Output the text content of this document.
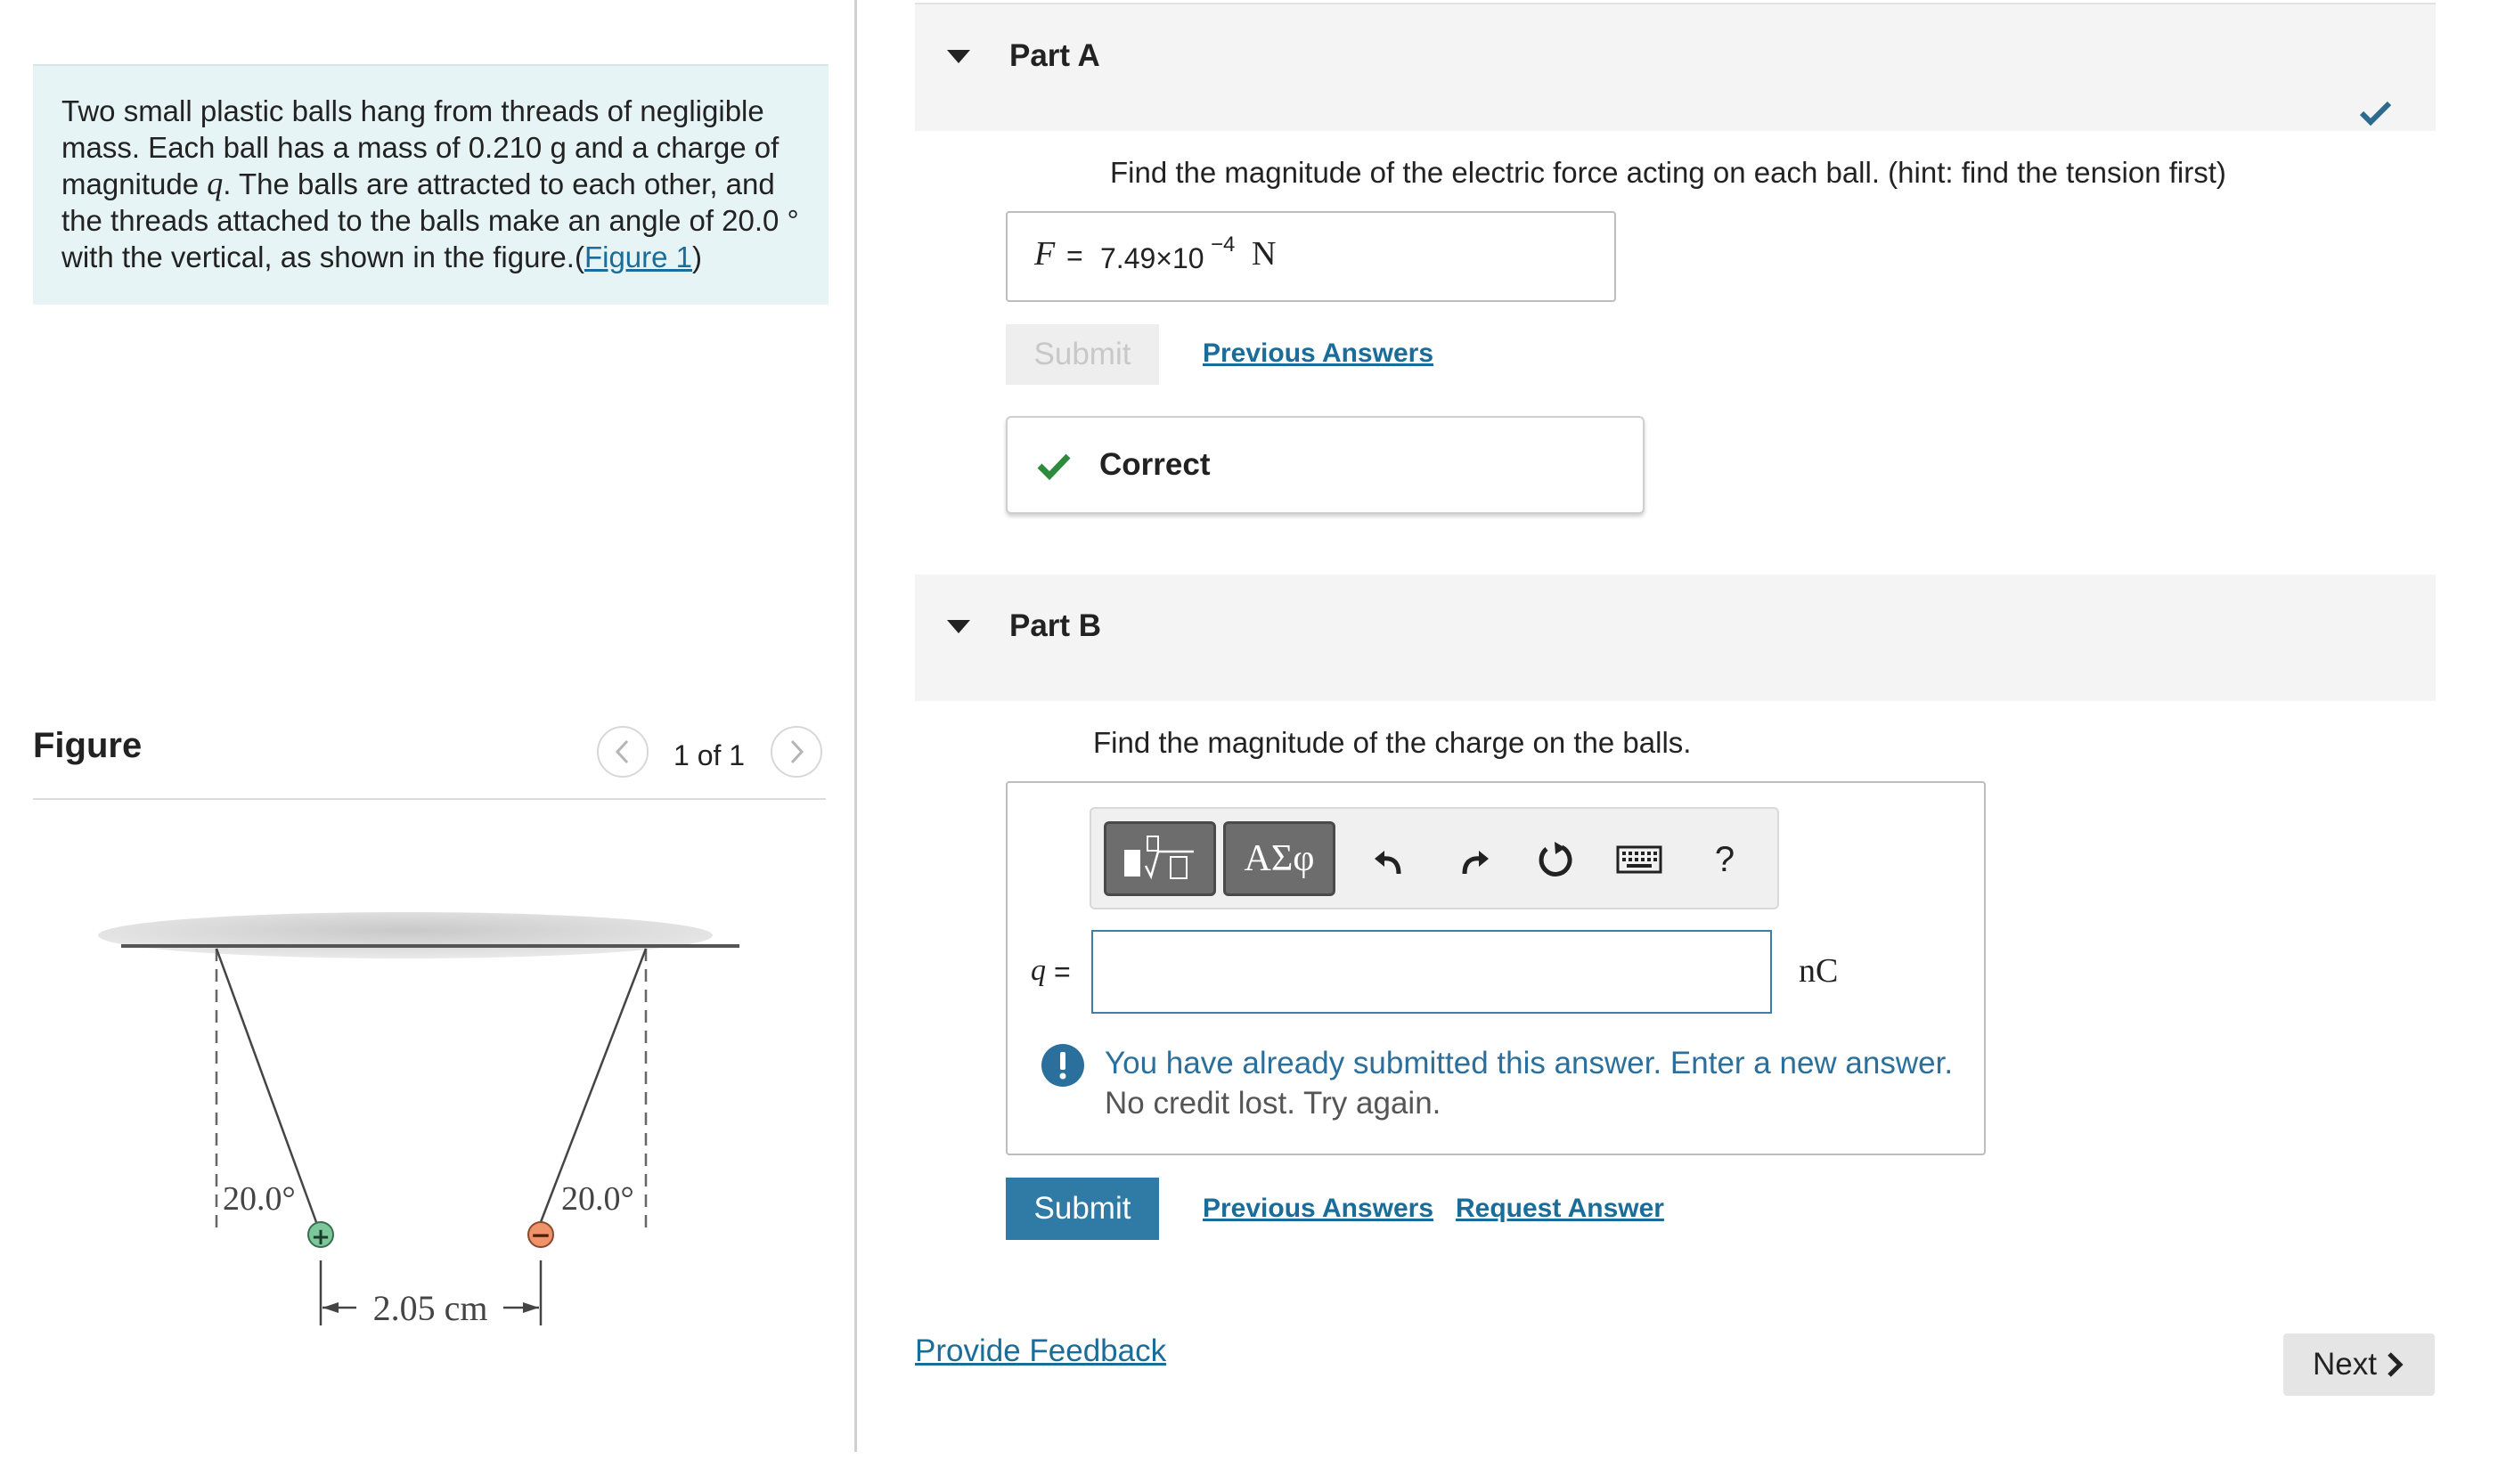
Two small plastic balls hang from threads of negligible mass. Each ball has a mass of 0.210 g and a charge of magnitude q. The balls are attracted to each other, and the threads attached to the balls make an angle of 20.0 ° with the vertical, as shown in the figure.(Figure 1)
Figure	1 of 1
20.0°	20.0°
+	−
2.05 cm
Part A
Find the magnitude of the electric force acting on each ball. (hint: find the tension first)
F = 7.49×10 −4 N
Submit	Previous Answers
Correct
Part B
Find the magnitude of the charge on the balls.
ΑΣφ	?
q =	nC
You have already submitted this answer. Enter a new answer.
No credit lost. Try again.
Submit	Previous Answers Request Answer
Provide Feedback	Next
